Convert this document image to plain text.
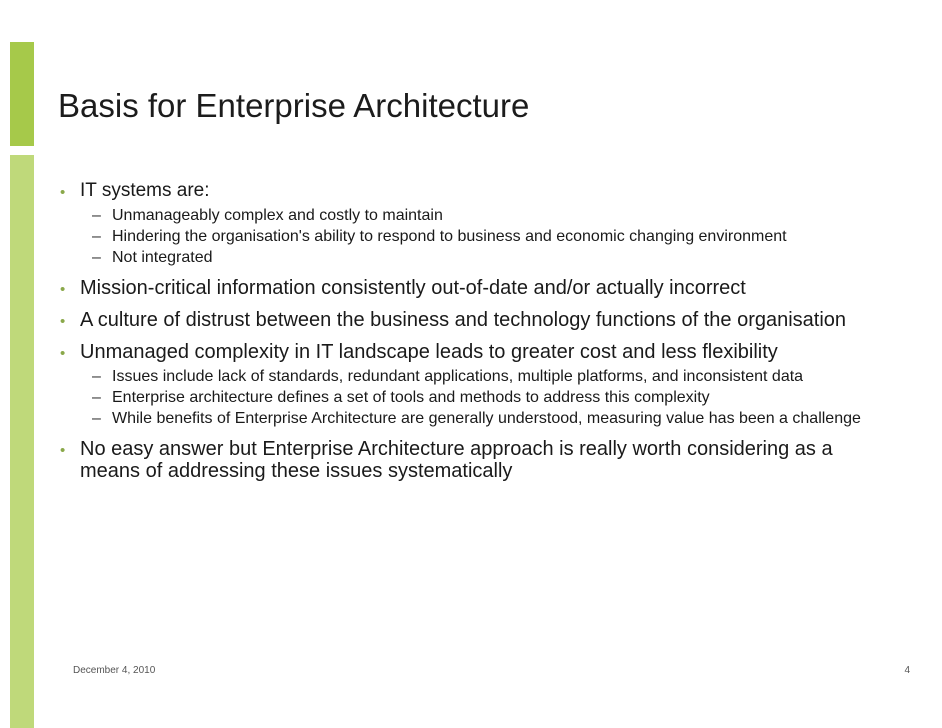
Basis for Enterprise Architecture
• IT systems are:
– Unmanageably complex and costly to maintain
– Hindering the organisation's ability to respond to business and economic changing environment
– Not integrated
• Mission-critical information consistently out-of-date and/or actually incorrect
• A culture of distrust between the business and technology functions of the organisation
• Unmanaged complexity in IT landscape leads to greater cost and less flexibility
– Issues include lack of standards, redundant applications, multiple platforms, and inconsistent data
– Enterprise architecture defines a set of tools and methods to address this complexity
– While benefits of Enterprise Architecture are generally understood, measuring value has been a challenge
• No easy answer but Enterprise Architecture approach is really worth considering as a means of addressing these issues systematically
December 4, 2010	4
